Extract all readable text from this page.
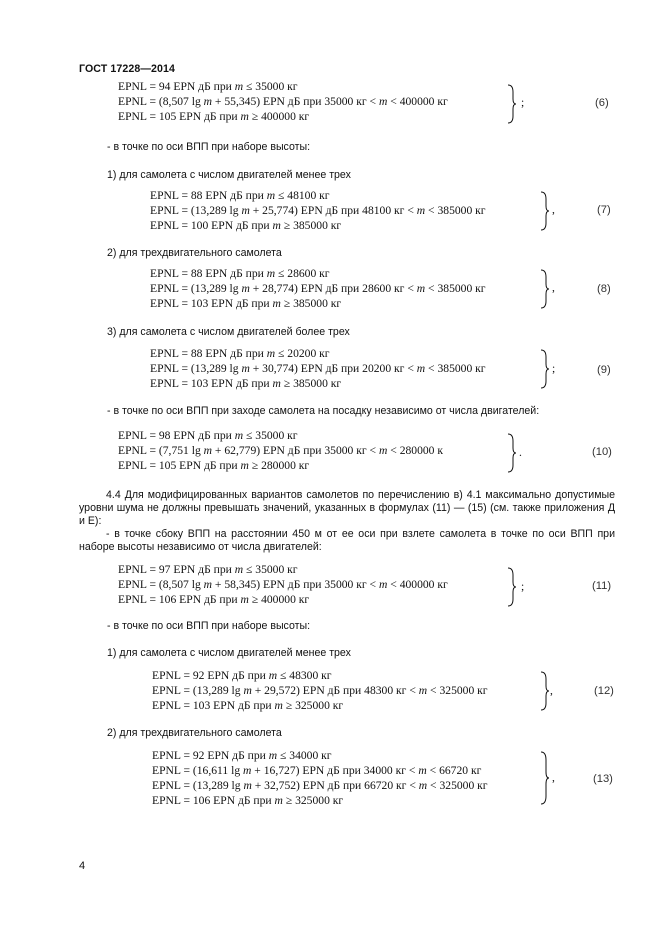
ГОСТ 17228—2014
EPNL = 94 EPN дБ при m ≤ 35000 кг
EPNL = (8,507 lg m + 55,345) EPN дБ при 35000 кг < m < 400000 кг
EPNL = 105 EPN дБ при m ≥ 400000 кг
;	(6)
- в точке по оси ВПП при наборе высоты:
1) для самолета с числом двигателей менее трех
EPNL = 88 EPN дБ при m ≤ 48100 кг
EPNL = (13,289 lg m + 25,774) EPN дБ при 48100 кг < m < 385000 кг
EPNL = 100 EPN дБ при m ≥ 385000 кг
,	(7)
2) для трехдвигательного самолета
EPNL = 88 EPN дБ при m ≤ 28600 кг
EPNL = (13,289 lg m + 28,774) EPN дБ при 28600 кг < m < 385000 кг
EPNL = 103 EPN дБ при m ≥ 385000 кг
,	(8)
3) для самолета с числом двигателей более трех
EPNL = 88 EPN дБ при m ≤ 20200 кг
EPNL = (13,289 lg m + 30,774) EPN дБ при 20200 кг < m < 385000 кг
EPNL = 103 EPN дБ при m ≥ 385000 кг
;	(9)
- в точке по оси ВПП при заходе самолета на посадку независимо от числа двигателей:
EPNL = 98 EPN дБ при m ≤ 35000 кг
EPNL = (7,751 lg m + 62,779) EPN дБ при 35000 кг < m < 280000 к
EPNL = 105 EPN дБ при m ≥ 280000 кг
.	(10)
4.4 Для модифицированных вариантов самолетов по перечислению в) 4.1 максимально допустимые уровни шума не должны превышать значений, указанных в формулах (11) — (15) (см. также приложения Д и Е):
- в точке сбоку ВПП на расстоянии 450 м от ее оси при взлете самолета в точке по оси ВПП при наборе высоты независимо от числа двигателей:
EPNL = 97 EPN дБ при m ≤ 35000 кг
EPNL = (8,507 lg m + 58,345) EPN дБ при 35000 кг < m < 400000 кг
EPNL = 106 EPN дБ при m ≥ 400000 кг
;	(11)
- в точке по оси ВПП при наборе высоты:
1) для самолета с числом двигателей менее трех
EPNL = 92 EPN дБ при m ≤ 48300 кг
EPNL = (13,289 lg m + 29,572) EPN дБ при 48300 кг < m < 325000 кг
EPNL = 103 EPN дБ при m ≥ 325000 кг
,	(12)
2) для трехдвигательного самолета
EPNL = 92 EPN дБ при m ≤ 34000 кг
EPNL = (16,611 lg m + 16,727) EPN дБ при 34000 кг < m < 66720 кг
EPNL = (13,289 lg m + 32,752) EPN дБ при 66720 кг < m < 325000 кг
EPNL = 106 EPN дБ при m ≥ 325000 кг
,	(13)
4
